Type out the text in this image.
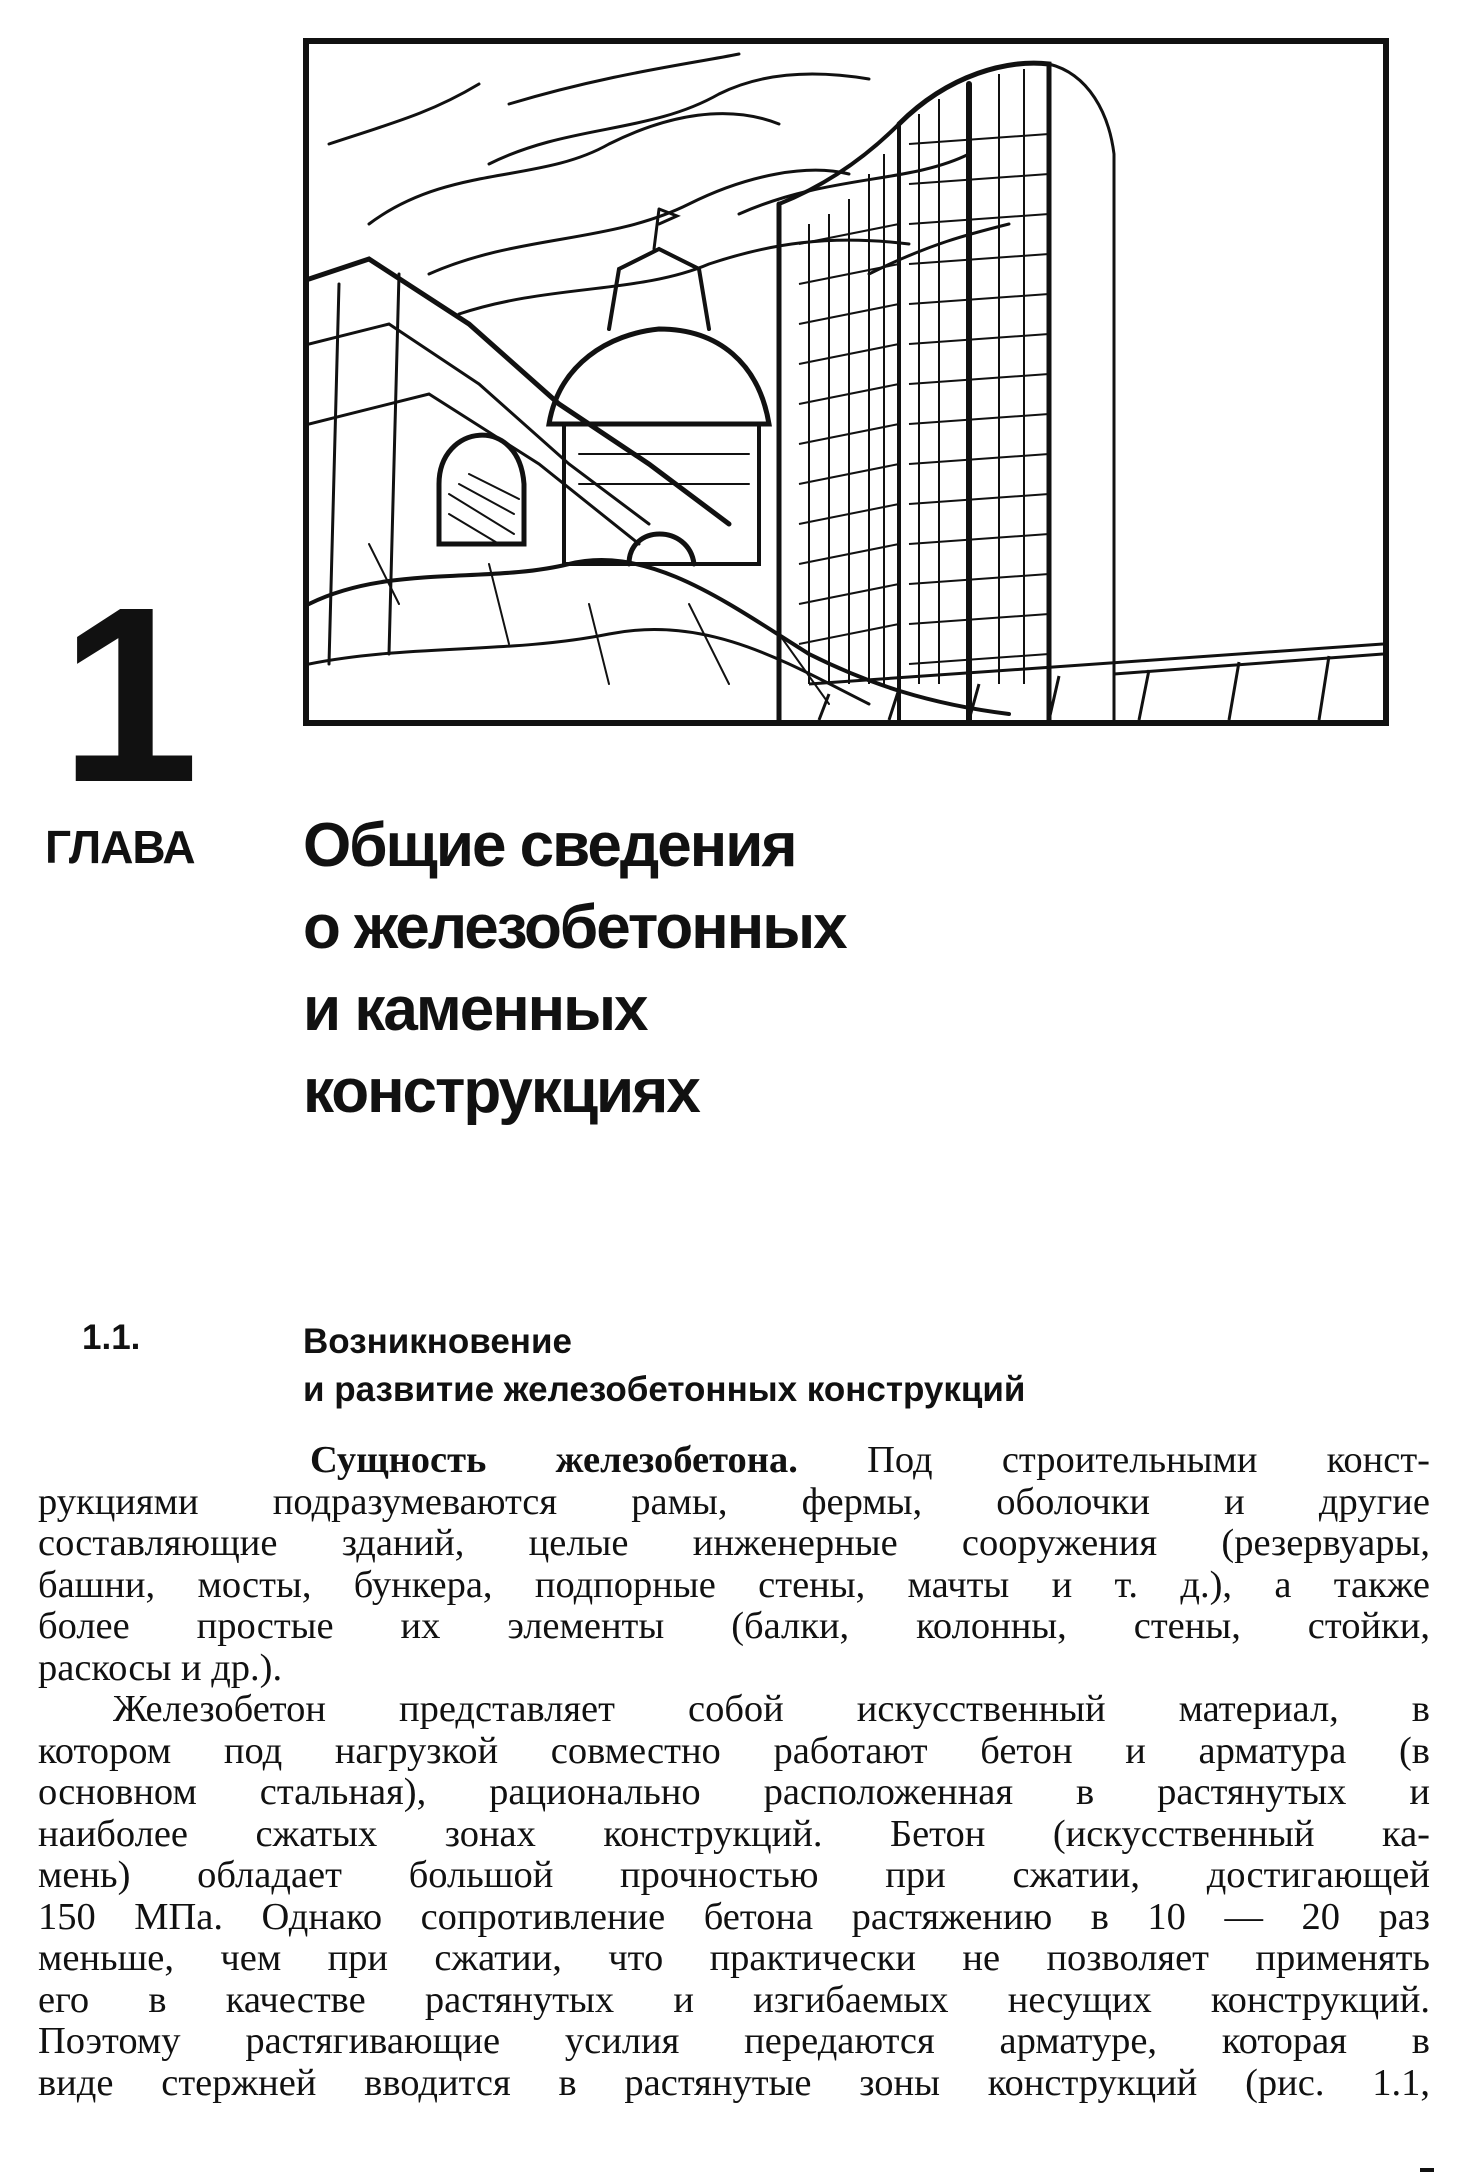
1
ГЛАВА Общие сведения
о железобетонных
и каменных
конструкциях
1.1.	Возникновение
и развитие железобетонных конструкций
Сущность железобетона. Под строительными конст-
рукциями подразумеваются рамы, фермы, оболочки и другие
составляющие зданий, целые инженерные сооружения (резервуары,
башни, мосты, бункера, подпорные стены, мачты и т. д.), а также
более простые их элементы (балки, колонны, стены, стойки,
раскосы и др.).
Железобетон представляет собой искусственный материал, в
котором под нагрузкой совместно работают бетон и арматура (в
основном стальная), рационально расположенная в растянутых и
наиболее сжатых зонах конструкций. Бетон (искусственный ка-
мень) обладает большой прочностью при сжатии, достигающей
150 МПа. Однако сопротивление бетона растяжению в 10 — 20 раз
меньше, чем при сжатии, что практически не позволяет применять
его в качестве растянутых и изгибаемых несущих конструкций.
Поэтому растягивающие усилия передаются арматуре, которая в
виде стержней вводится в растянутые зоны конструкций (рис. 1.1,
